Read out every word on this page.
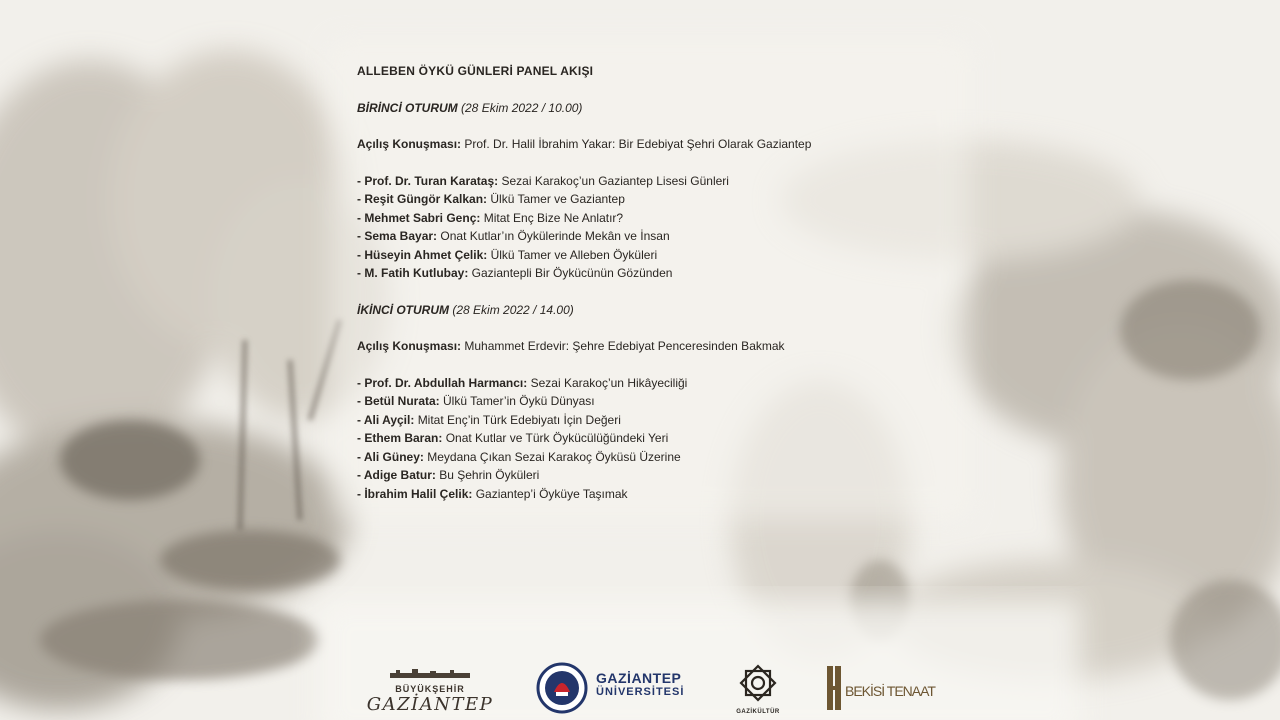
ALLEBEN ÖYKÜ GÜNLERİ PANEL AKIŞI
BİRİNCİ OTURUM (28 Ekim 2022 / 10.00)
Açılış Konuşması: Prof. Dr. Halil İbrahim Yakar: Bir Edebiyat Şehri Olarak Gaziantep
- Prof. Dr. Turan Karataş: Sezai Karakoç’un Gaziantep Lisesi Günleri
- Reşit Güngör Kalkan: Ülkü Tamer ve Gaziantep
- Mehmet Sabri Genç: Mitat Enç Bize Ne Anlatır?
- Sema Bayar: Onat Kutlar’ın Öykülerinde Mekân ve İnsan
- Hüseyin Ahmet Çelik: Ülkü Tamer ve Alleben Öyküleri
- M. Fatih Kutlubay: Gaziantepli Bir Öykücünün Gözünden
İKİNCİ OTURUM (28 Ekim 2022 / 14.00)
Açılış Konuşması: Muhammet Erdevir: Şehre Edebiyat Penceresinden Bakmak
- Prof. Dr. Abdullah Harmancı: Sezai Karakoç’un Hikâyeciliği
- Betül Nurata: Ülkü Tamer’in Öykü Dünyası
- Ali Ayçil: Mitat Enç’in Türk Edebiyatı İçin Değeri
- Ethem Baran: Onat Kutlar ve Türk Öykücülüğündeki Yeri
- Ali Güney: Meydana Çıkan Sezai Karakoç Öyküsü Üzerine
- Adige Batur: Bu Şehrin Öyküleri
- İbrahim Halil Çelik: Gaziantep’i Öyküye Taşımak
BÜYÜKŞEHİR
GAZİANTEP
GAZİANTEP
ÜNİVERSİTESİ
GAZİKÜLTÜR
BEKİSİ TENAAT
